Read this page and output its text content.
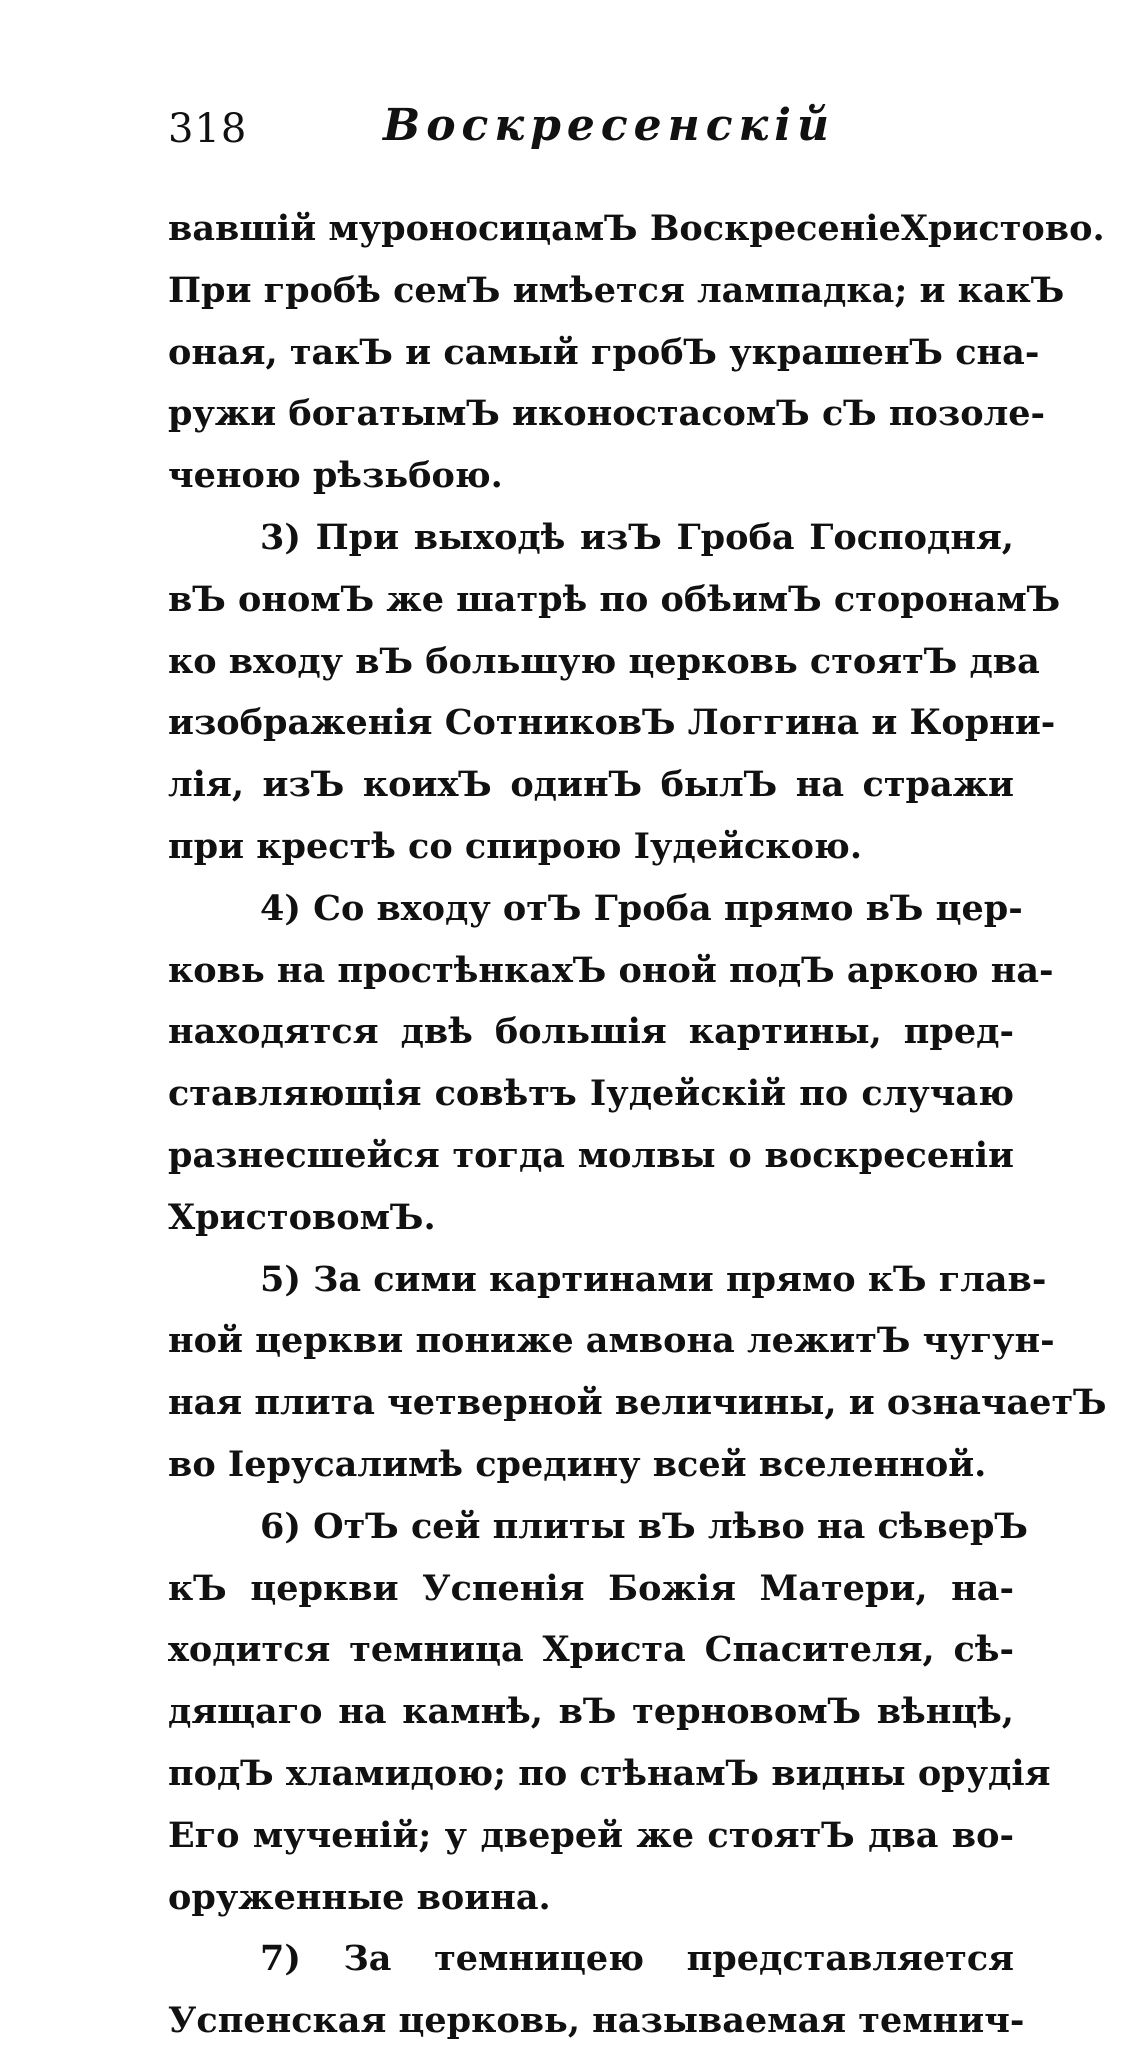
318	Воскресенскій
вавшій муроносицамЪ ВоскресеніеХристово.
При гробѣ семЪ имѣется лампадка; и какЪ
оная, такЪ и самый гробЪ украшенЪ сна-
ружи богатымЪ иконостасомЪ сЪ позоле-
ченою рѣзьбою.
3) При выходѣ изЪ Гроба Господня,
вЪ ономЪ же шатрѣ по обѣимЪ сторонамЪ
ко входу вЪ большую церковь стоятЪ два
изображенія СотниковЪ Логгина и Корни-
лія, изЪ коихЪ одинЪ былЪ на стражи
при крестѣ со спирою Іудейскою.
4) Со входу отЪ Гроба прямо вЪ цер-
ковь на простѣнкахЪ оной подЪ аркою на-
находятся двѣ большія картины, пред-
ставляющія совѣтъ Іудейскій по случаю
разнесшейся тогда молвы о воскресеніи
ХристовомЪ.
5) За сими картинами прямо кЪ глав-
ной церкви пониже амвона лежитЪ чугун-
ная плита четверной величины, и означаетЪ
во Іерусалимѣ средину всей вселенной.
6) ОтЪ сей плиты вЪ лѣво на сѣверЪ
кЪ церкви Успенія Божія Матери, на-
ходится темница Христа Спасителя, сѣ-
дящаго на камнѣ, вЪ терновомЪ вѣнцѣ,
подЪ хламидою; по стѣнамЪ видны орудія
Его мученій; у дверей же стоятЪ два во-
оруженные воина.
7) За темницею представляется
Успенская церковь, называемая темнич-
